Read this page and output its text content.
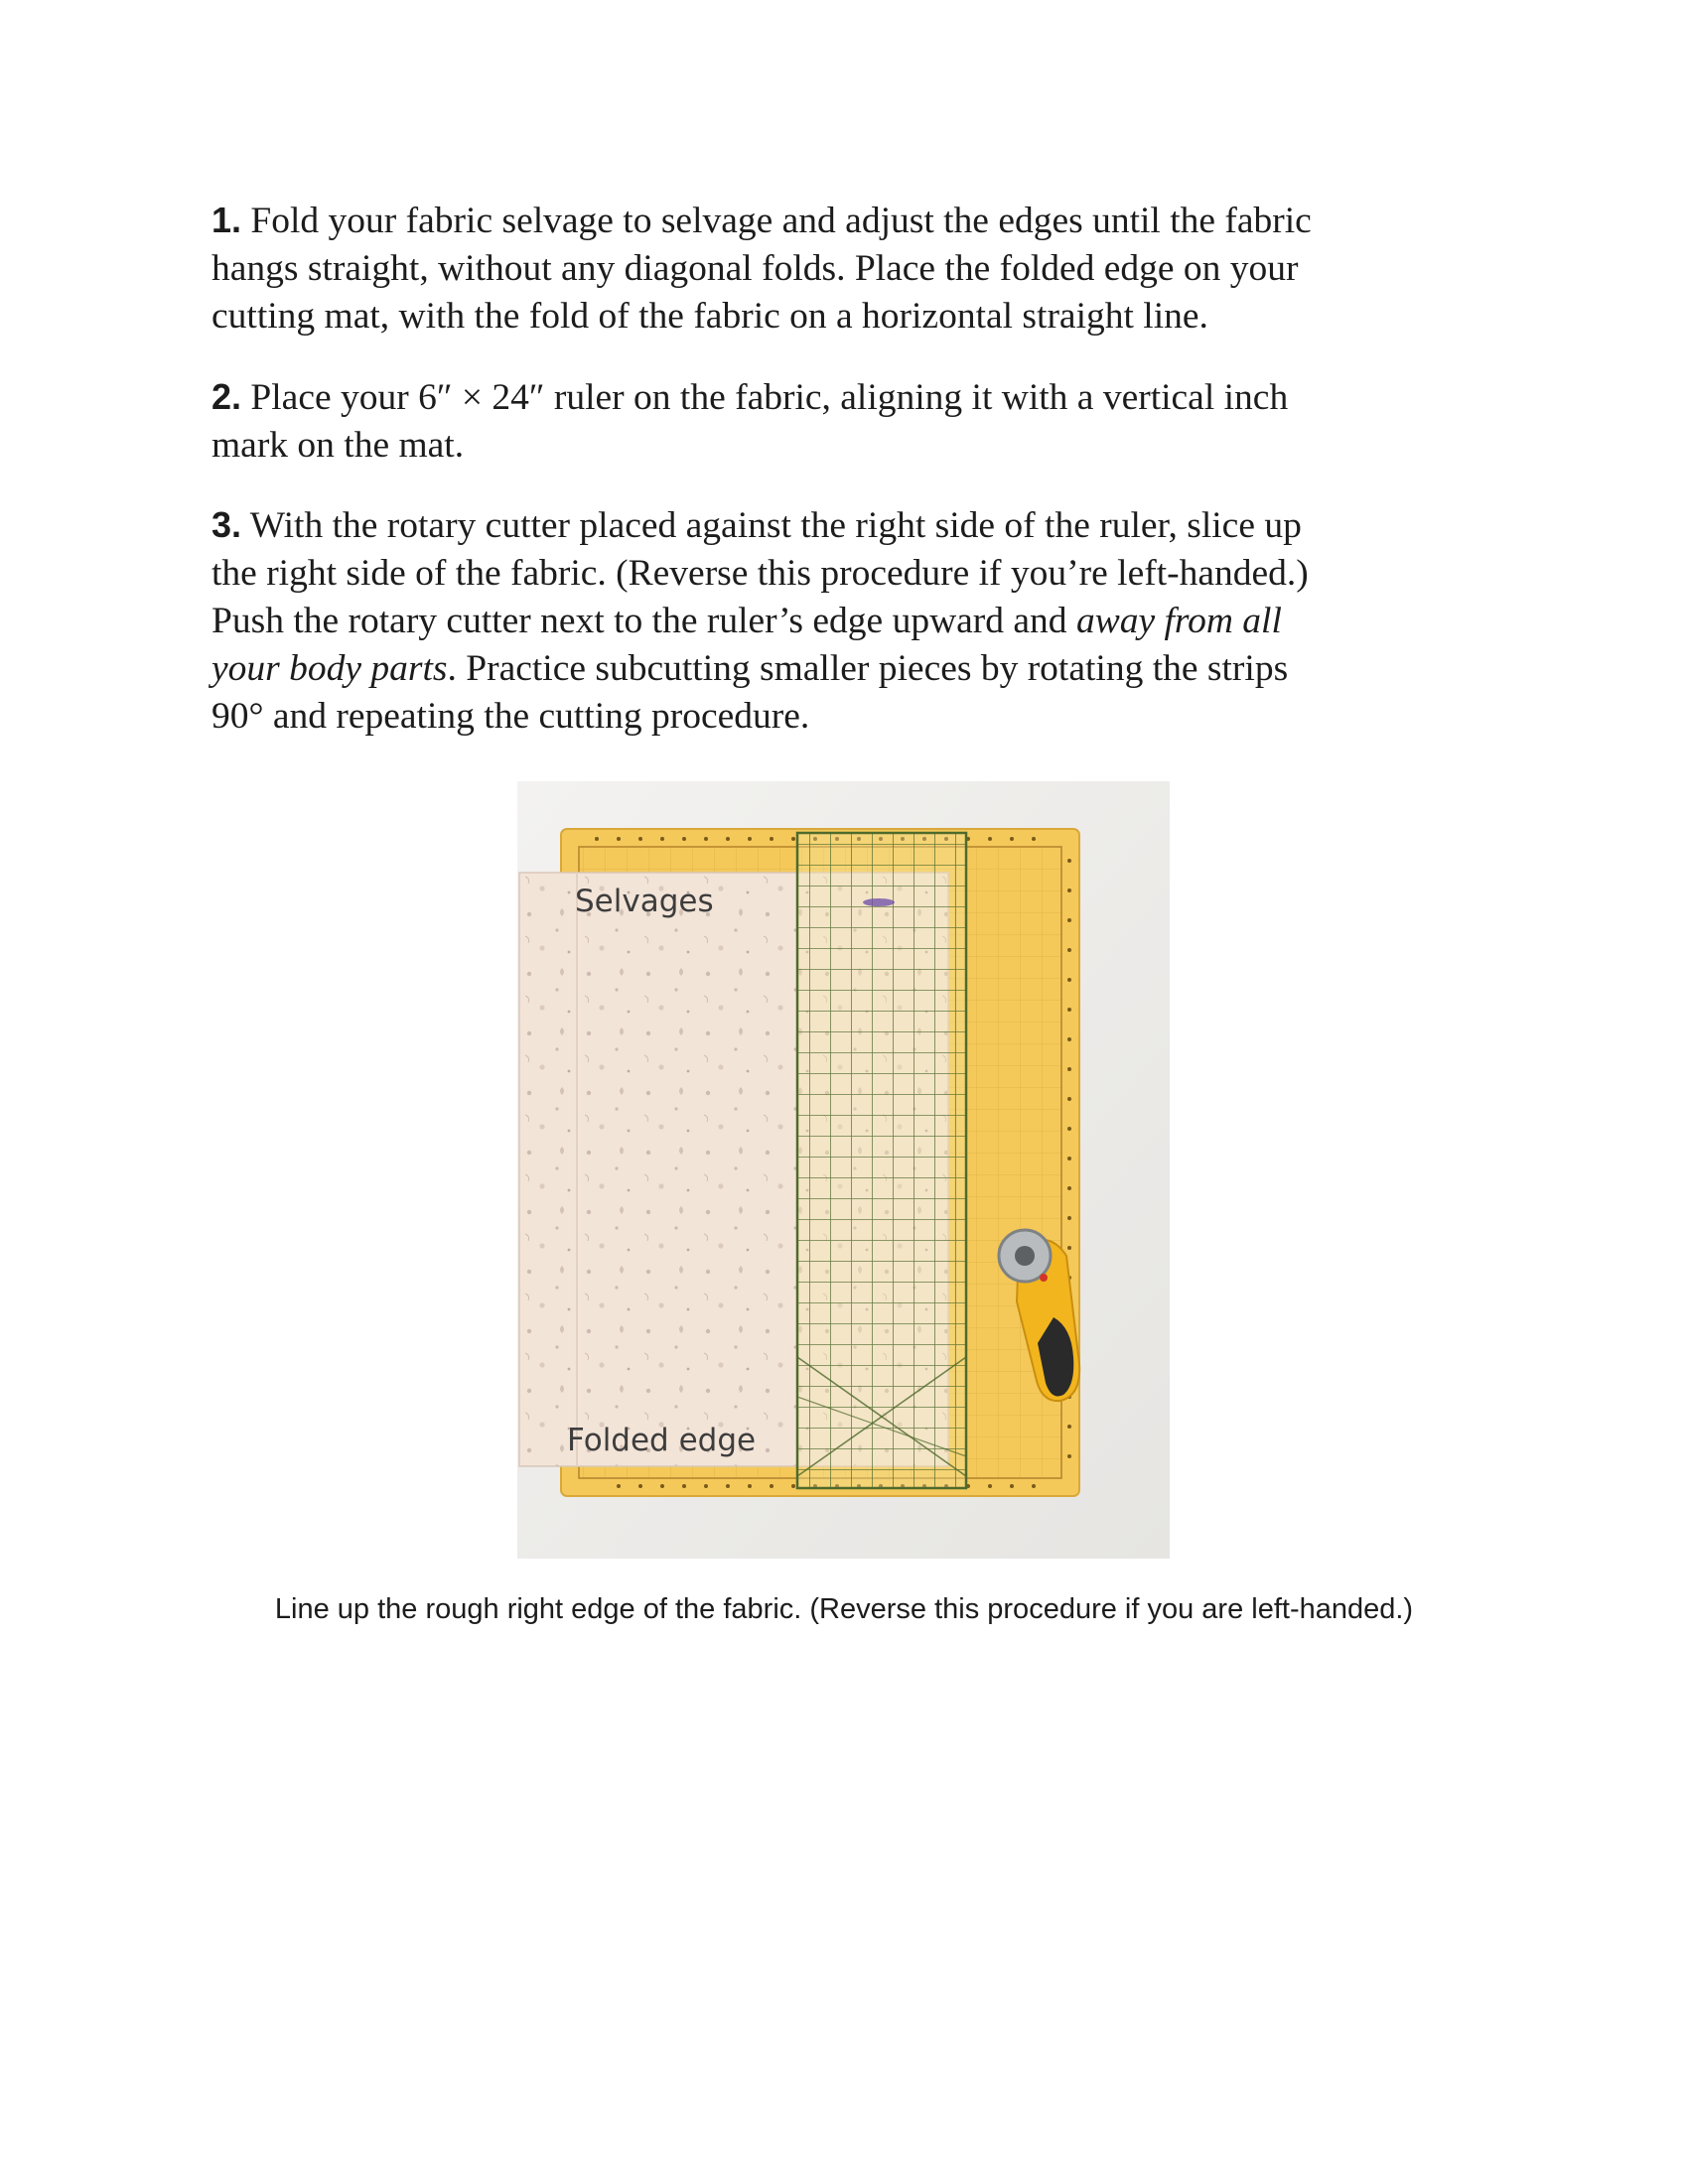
1. Fold your fabric selvage to selvage and adjust the edges until the fabric
hangs straight, without any diagonal folds. Place the folded edge on your
cutting mat, with the fold of the fabric on a horizontal straight line.

2. Place your 6″ × 24″ ruler on the fabric, aligning it with a vertical inch
mark on the mat.

3. With the rotary cutter placed against the right side of the ruler, slice up
the right side of the fabric. (Reverse this procedure if you’re left-handed.)
Push the rotary cutter next to the ruler’s edge upward and away from all
your body parts. Practice subcutting smaller pieces by rotating the strips
90° and repeating the cutting procedure.

Selvages
Folded edge
Line up the rough right edge of the fabric. (Reverse this procedure if you are left-handed.)
